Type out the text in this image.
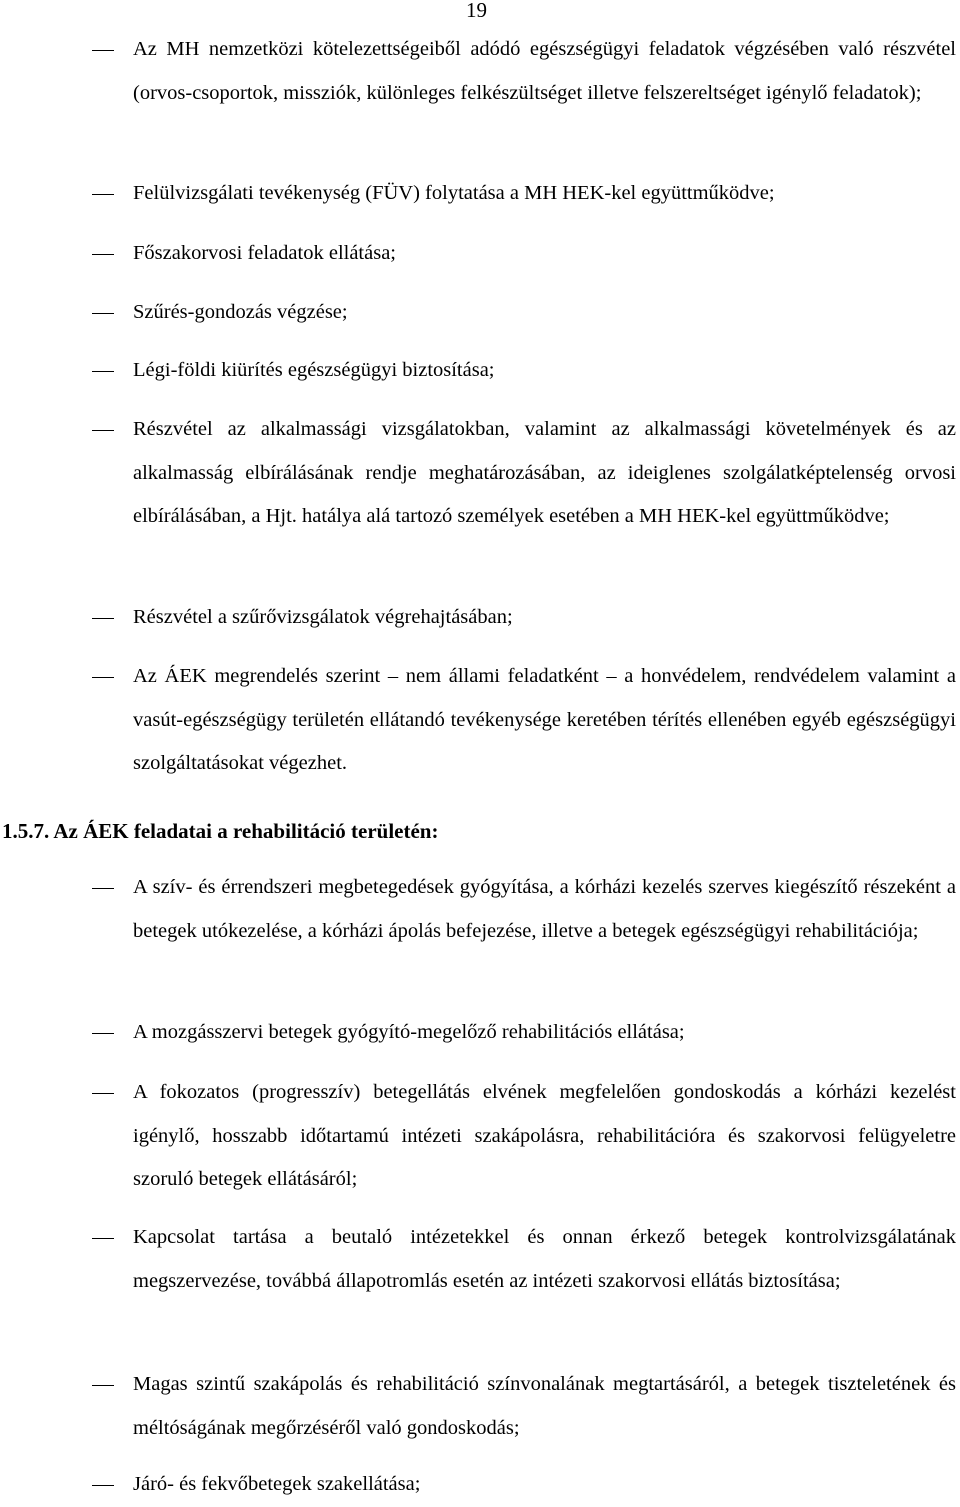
19

Az MH nemzetközi kötelezettségeiből adódó egészségügyi feladatok végzésében való részvétel (orvos-csoportok, missziók, különleges felkészültséget illetve felszereltséget igénylő feladatok);

Felülvizsgálati tevékenység (FÜV) folytatása a MH HEK-kel együttműködve;

Főszakorvosi feladatok ellátása;

Szűrés-gondozás végzése;

Légi-földi kiürítés egészségügyi biztosítása;

Részvétel az alkalmassági vizsgálatokban, valamint az alkalmassági követelmények és az alkalmasság elbírálásának rendje meghatározásában, az ideiglenes szolgálatképtelenség orvosi elbírálásában, a Hjt. hatálya alá tartozó személyek esetében a MH HEK-kel együttműködve;

Részvétel a szűrővizsgálatok végrehajtásában;

Az ÁEK megrendelés szerint – nem állami feladatként – a honvédelem, rendvédelem valamint a vasút-egészségügy területén ellátandó tevékenysége keretében térítés ellenében egyéb egészségügyi szolgáltatásokat végezhet.

1.5.7. Az ÁEK feladatai a rehabilitáció területén:

A szív- és érrendszeri megbetegedések gyógyítása, a kórházi kezelés szerves kiegészítő részeként a betegek utókezelése, a kórházi ápolás befejezése, illetve a betegek egészségügyi rehabilitációja;

A mozgásszervi betegek gyógyító-megelőző rehabilitációs ellátása;

A fokozatos (progresszív) betegellátás elvének megfelelően gondoskodás a kórházi kezelést igénylő, hosszabb időtartamú intézeti szakápolásra, rehabilitációra és szakorvosi felügyeletre szoruló betegek ellátásáról;

Kapcsolat tartása a beutaló intézetekkel és onnan érkező betegek kontrolvizsgálatának megszervezése, továbbá állapotromlás esetén az intézeti szakorvosi ellátás biztosítása;

Magas szintű szakápolás és rehabilitáció színvonalának megtartásáról, a betegek tiszteletének és méltóságának megőrzéséről való gondoskodás;

Járó- és fekvőbetegek szakellátása;
